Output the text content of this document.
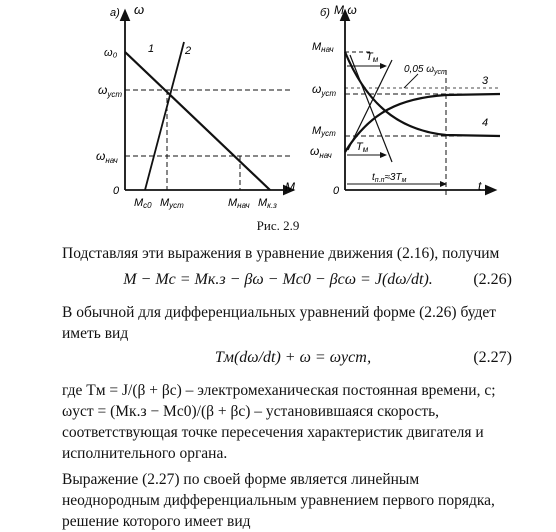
а) ω
0	M
ω₀
$\omega_{уст}$
$\omega_{нач}$
1	2
Mc0 Mуст	Mнач Mк.з
б) M ω
0	t
Mнач
Tм
0,05 $\omega_{уст}$
$\omega_{уст}$
3
4
Mуст
$\omega_{нач}$
Tм
$t_{п.п}\approx 3T_м$
Рис. 2.9
Подставляя эти выражения в уравнение движения (2.16), получим
M − Mс = Mк.з − βω − Mс0 − βсω = J(dω/dt).	(2.26)
В обычной для дифференциальных уравнений форме (2.26) будет иметь вид
Tм(dω/dt) + ω = ωуст,	(2.27)
где Tм = J/(β + βс) – электромеханическая постоянная времени, с; ωуст = (Mк.з − Mс0)/(β + βс) – установившаяся скорость, соответствующая точке пересечения характеристик двигателя и исполнительного органа.
Выражение (2.27) по своей форме является линейным неоднородным дифференциальным уравнением первого порядка, решение которого имеет вид
